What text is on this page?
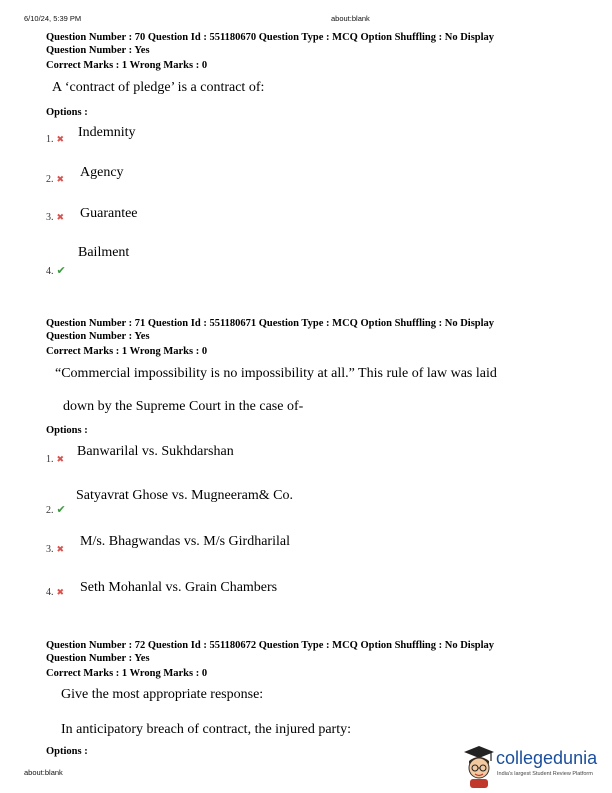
6/10/24, 5:39 PM	about:blank
Question Number : 70 Question Id : 551180670 Question Type : MCQ Option Shuffling : No Display
Question Number : Yes
Correct Marks : 1 Wrong Marks : 0
A ‘contract of pledge’ is a contract of:
Options :
1. ✖ Indemnity
2. ✖ Agency
3. ✖ Guarantee
Bailment
4. ✔
Question Number : 71 Question Id : 551180671 Question Type : MCQ Option Shuffling : No Display
Question Number : Yes
Correct Marks : 1 Wrong Marks : 0
“Commercial impossibility is no impossibility at all.” This rule of law was laid
down by the Supreme Court in the case of-
Options :
1. ✖ Banwarilal vs. Sukhdarshan
Satyavrat Ghose vs. Mugneeram& Co.
2. ✔
3. ✖ M/s. Bhagwandas vs. M/s Girdharilal
4. ✖ Seth Mohanlal vs. Grain Chambers
Question Number : 72 Question Id : 551180672 Question Type : MCQ Option Shuffling : No Display
Question Number : Yes
Correct Marks : 1 Wrong Marks : 0
Give the most appropriate response:
In anticipatory breach of contract, the injured party:
Options :
about:blank
collegedunia
India's largest Student Review Platform
